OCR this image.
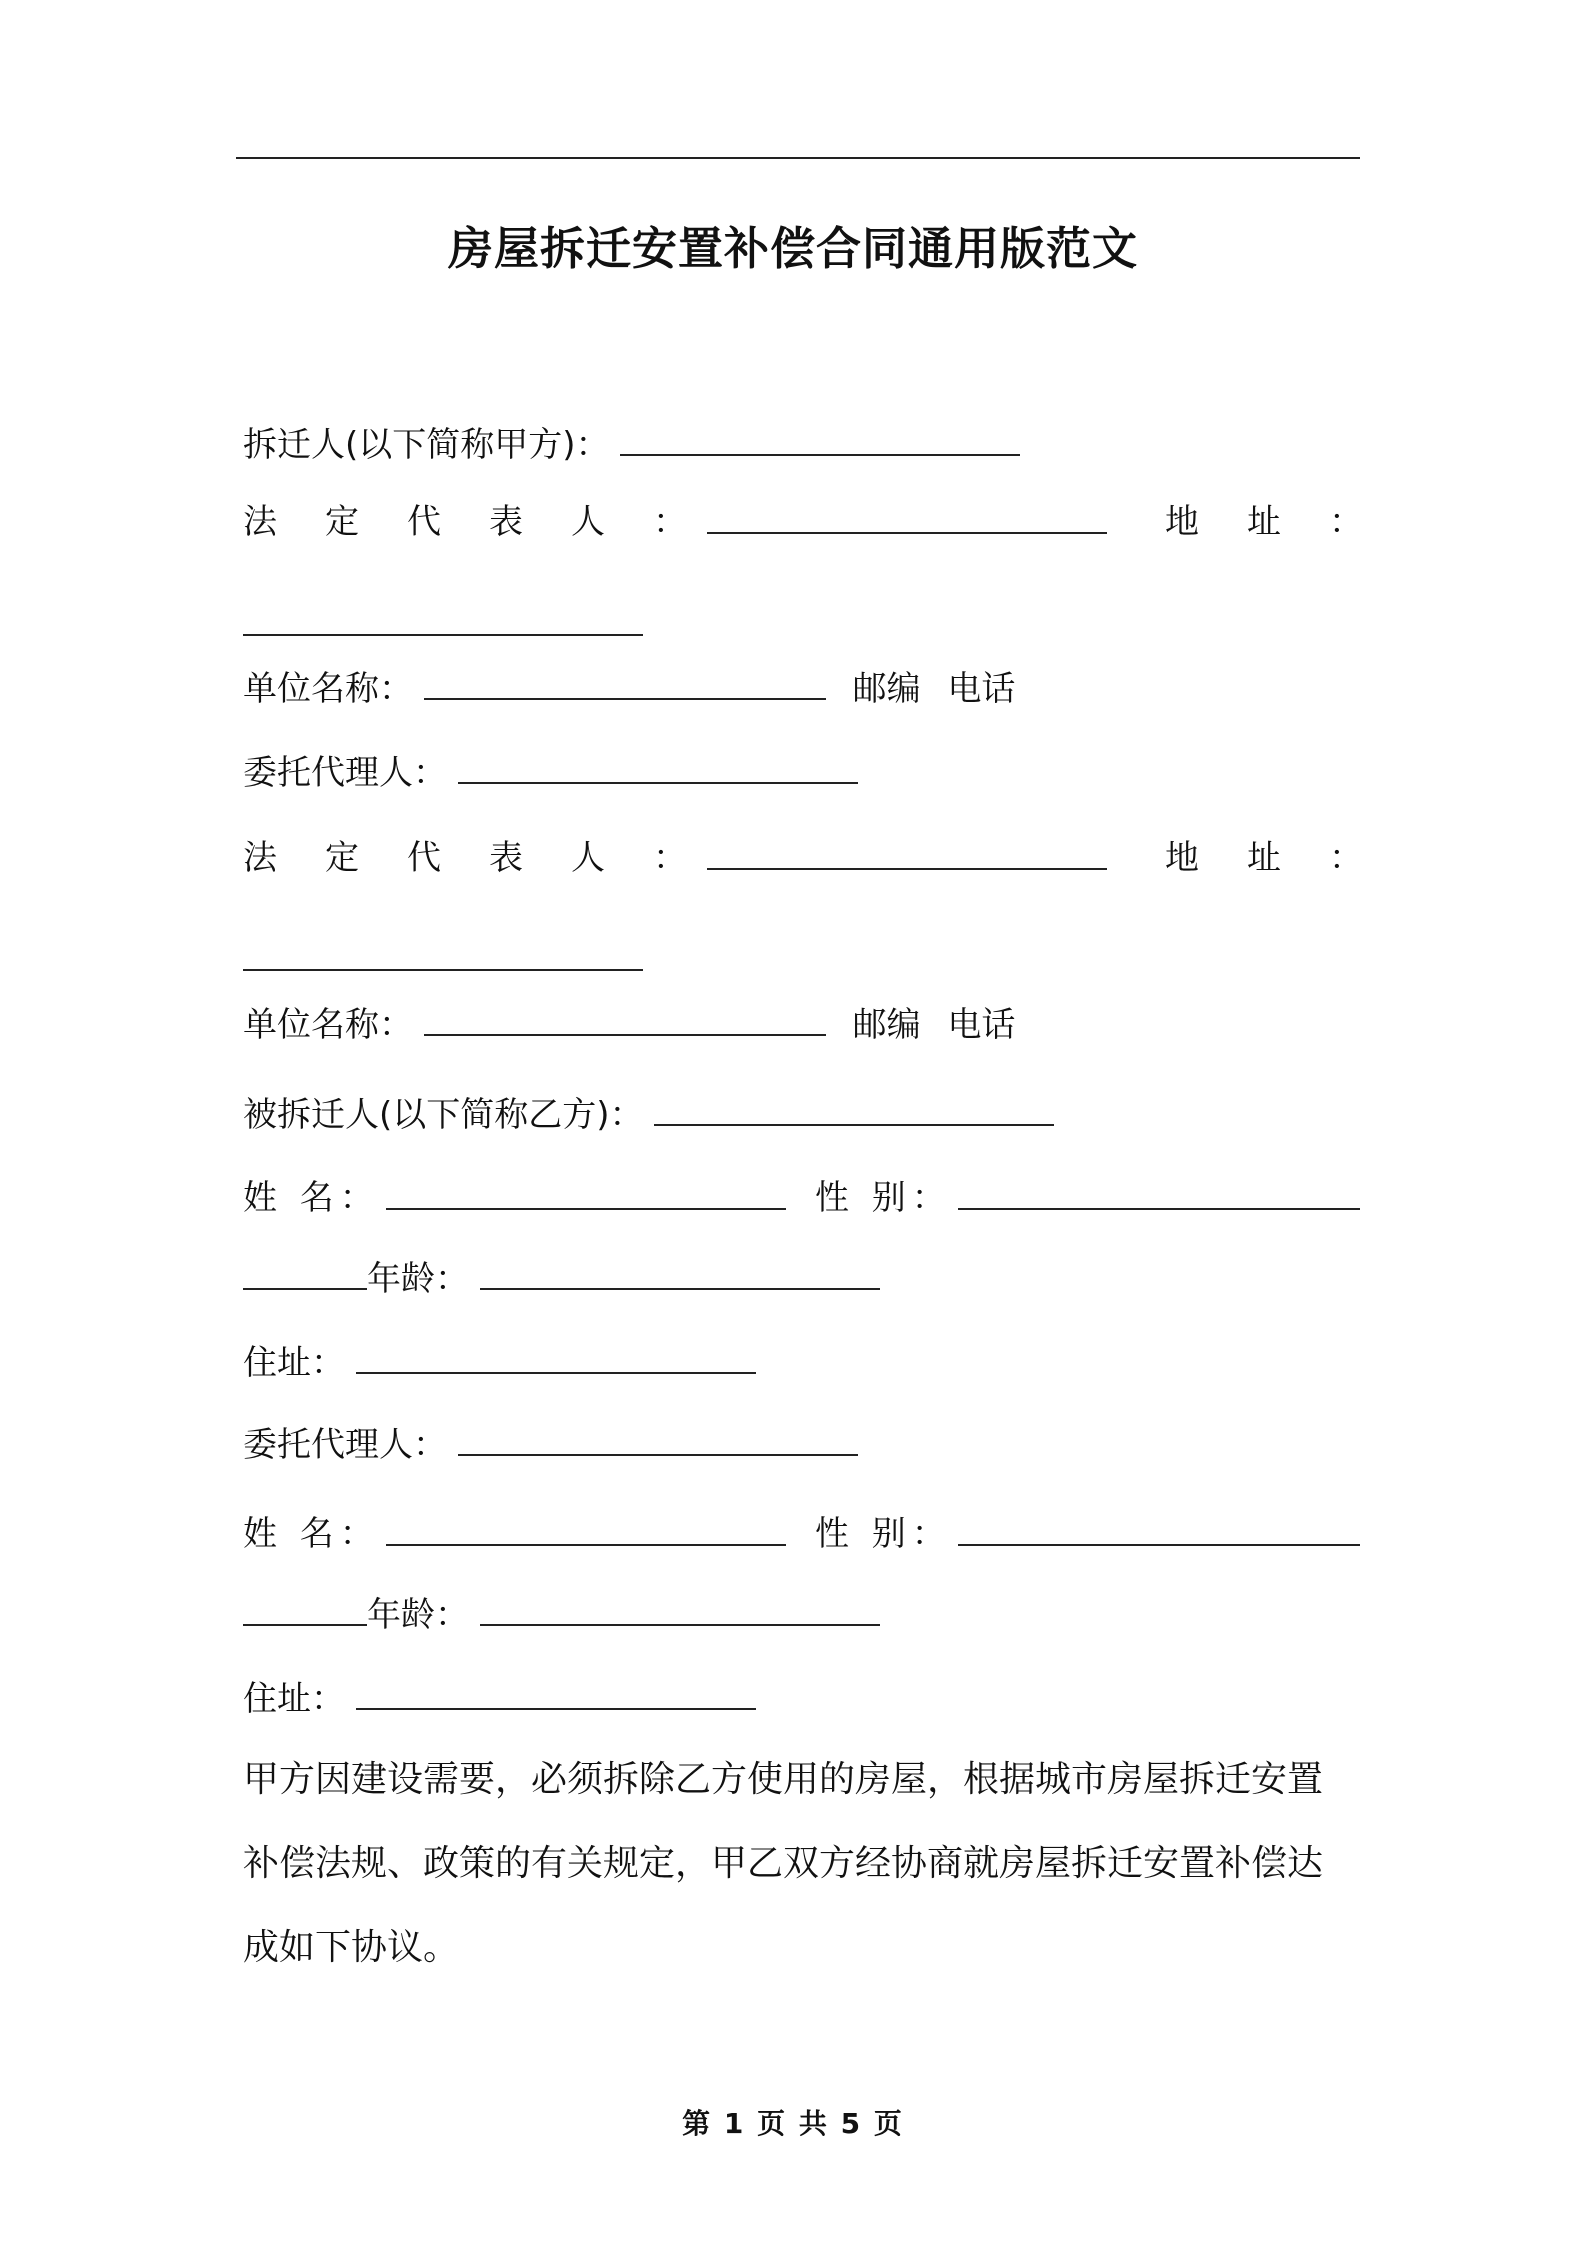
房屋拆迁安置补偿合同通用版范文
拆迁人(以下简称甲方)：
法定代表人：	地址：
单位名称：	邮编 电话
委托代理人：
法定代表人：	地址：
单位名称：	邮编 电话
被拆迁人(以下简称乙方)：
姓 名：	性 别：
年龄：
住址：
委托代理人：
姓 名：	性 别：
年龄：
住址：
甲方因建设需要，必须拆除乙方使用的房屋，根据城市房屋拆迁安置
补偿法规、政策的有关规定，甲乙双方经协商就房屋拆迁安置补偿达
成如下协议。
第 1 页 共 5 页
